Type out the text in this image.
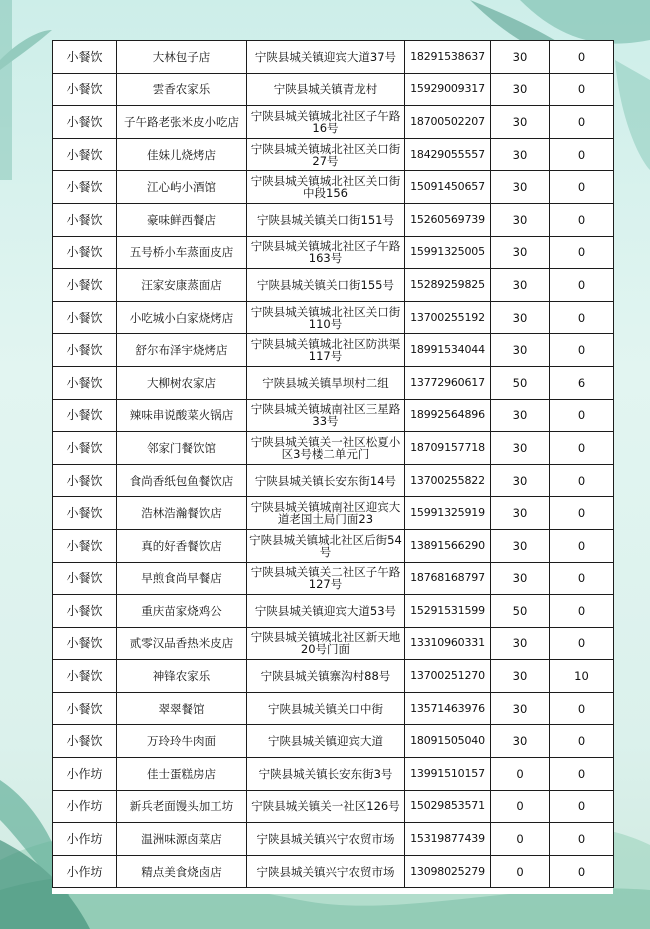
小餐饮	大林包子店	宁陕县城关镇迎宾大道37号	18291538637	30	0
小餐饮	雲香农家乐	宁陕县城关镇青龙村	15929009317	30	0
小餐饮	子午路老张米皮小吃店	宁陕县城关镇城北社区子午路16号	18700502207	30	0
小餐饮	佳妹儿烧烤店	宁陕县城关镇城北社区关口街27号	18429055557	30	0
小餐饮	江心屿小酒馆	宁陕县城关镇城北社区关口街中段156	15091450657	30	0
小餐饮	豪味鲜西餐店	宁陕县城关镇关口街151号	15260569739	30	0
小餐饮	五号桥小车蒸面皮店	宁陕县城关镇城北社区子午路163号	15991325005	30	0
小餐饮	汪家安康蒸面店	宁陕县城关镇关口街155号	15289259825	30	0
小餐饮	小吃城小白家烧烤店	宁陕县城关镇城北社区关口街110号	13700255192	30	0
小餐饮	舒尔布泽宇烧烤店	宁陕县城关镇城北社区防洪渠117号	18991534044	30	0
小餐饮	大柳树农家店	宁陕县城关镇旱坝村二组	13772960617	50	6
小餐饮	辣味串说酸菜火锅店	宁陕县城关镇城南社区三星路33号	18992564896	30	0
小餐饮	邻家门餐饮馆	宁陕县城关镇关一社区松夏小区3号楼二单元门	18709157718	30	0
小餐饮	食尚香纸包鱼餐饮店	宁陕县城关镇长安东街14号	13700255822	30	0
小餐饮	浩林浩瀚餐饮店	宁陕县城关镇城南社区迎宾大道老国土局门面23	15991325919	30	0
小餐饮	真的好香餐饮店	宁陕县城关镇城北社区后街54号	13891566290	30	0
小餐饮	早煎食尚早餐店	宁陕县城关镇关二社区子午路127号	18768168797	30	0
小餐饮	重庆苗家烧鸡公	宁陕县城关镇迎宾大道53号	15291531599	50	0
小餐饮	贰零汉品香热米皮店	宁陕县城关镇城北社区新天地20号门面	13310960331	30	0
小餐饮	神锋农家乐	宁陕县城关镇寨沟村88号	13700251270	30	10
小餐饮	翠翠餐馆	宁陕县城关镇关口中街	13571463976	30	0
小餐饮	万玲玲牛肉面	宁陕县城关镇迎宾大道	18091505040	30	0
小作坊	佳士蛋糕房店	宁陕县城关镇长安东街3号	13991510157	0	0
小作坊	新兵老面馒头加工坊	宁陕县城关镇关一社区126号	15029853571	0	0
小作坊	温洲味源卤菜店	宁陕县城关镇兴宁农贸市场	15319877439	0	0
小作坊	精点美食烧卤店	宁陕县城关镇兴宁农贸市场	13098025279	0	0
